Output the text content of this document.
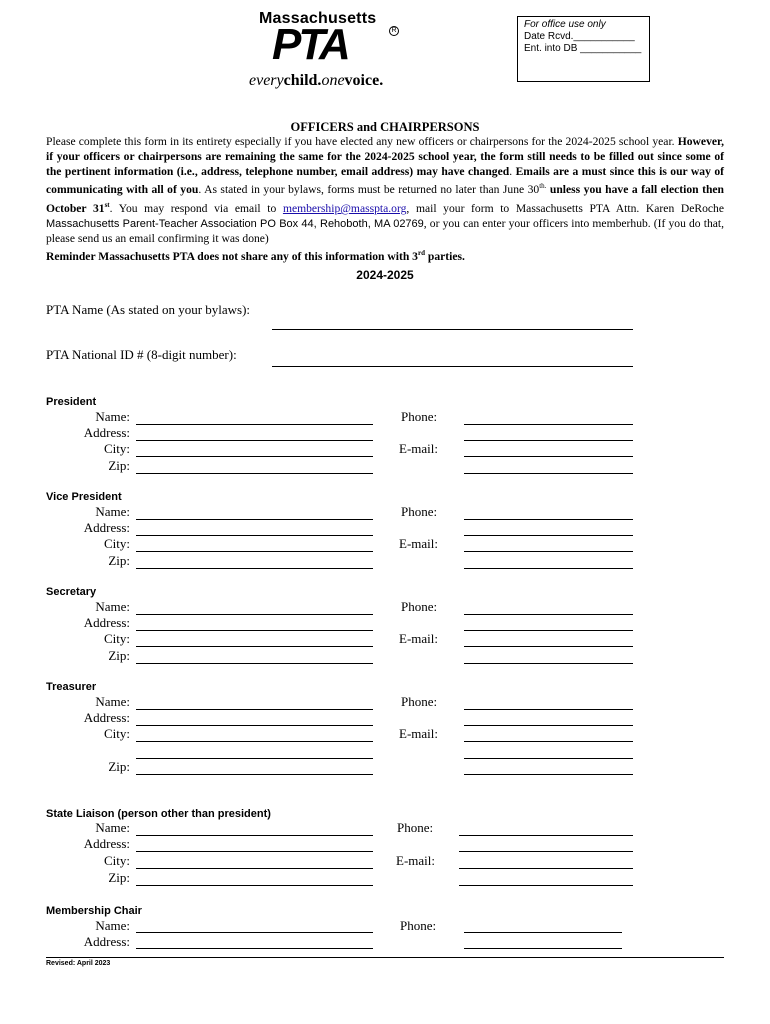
Massachusetts
PTA	R
everychild.onevoice.
For office use only
Date Rcvd.___________
Ent. into DB ___________
OFFICERS and CHAIRPERSONS
Please complete this form in its entirety especially if you have elected any new officers or chairpersons for the 2024-2025 school year. However, if your officers or chairpersons are remaining the same for the 2024-2025 school year, the form still needs to be filled out since some of the pertinent information (i.e., address, telephone number, email address) may have changed. Emails are a must since this is our way of communicating with all of you. As stated in your bylaws, forms must be returned no later than June $30^{th.}$ unless you have a fall election then October 31st. You may respond via email to membership@masspta.org, mail your form to Massachusetts PTA Attn. Karen DeRoche Massachusetts Parent-Teacher Association PO Box 44, Rehoboth, MA 02769, or you can enter your officers into memberhub. (If you do that, please send us an email confirming it was done)
Reminder Massachusetts PTA does not share any of this information with 3rd parties.
2024-2025
PTA Name (As stated on your bylaws):
PTA National ID # (8-digit number):
President
Name:
Address:
City:
Zip:
Phone:
E-mail:
Vice President
Name:
Address:
City:
Zip:
Phone:
E-mail:
Secretary
Name:
Address:
City:
Zip:
Phone:
E-mail:
Treasurer
Name:
Address:
City:
Zip:
Phone:
E-mail:
State Liaison (person other than president)
Name:
Address:
City:
Zip:
Phone:
E-mail:
Membership Chair
Name:
Address:
Phone:
Revised: April 2023
